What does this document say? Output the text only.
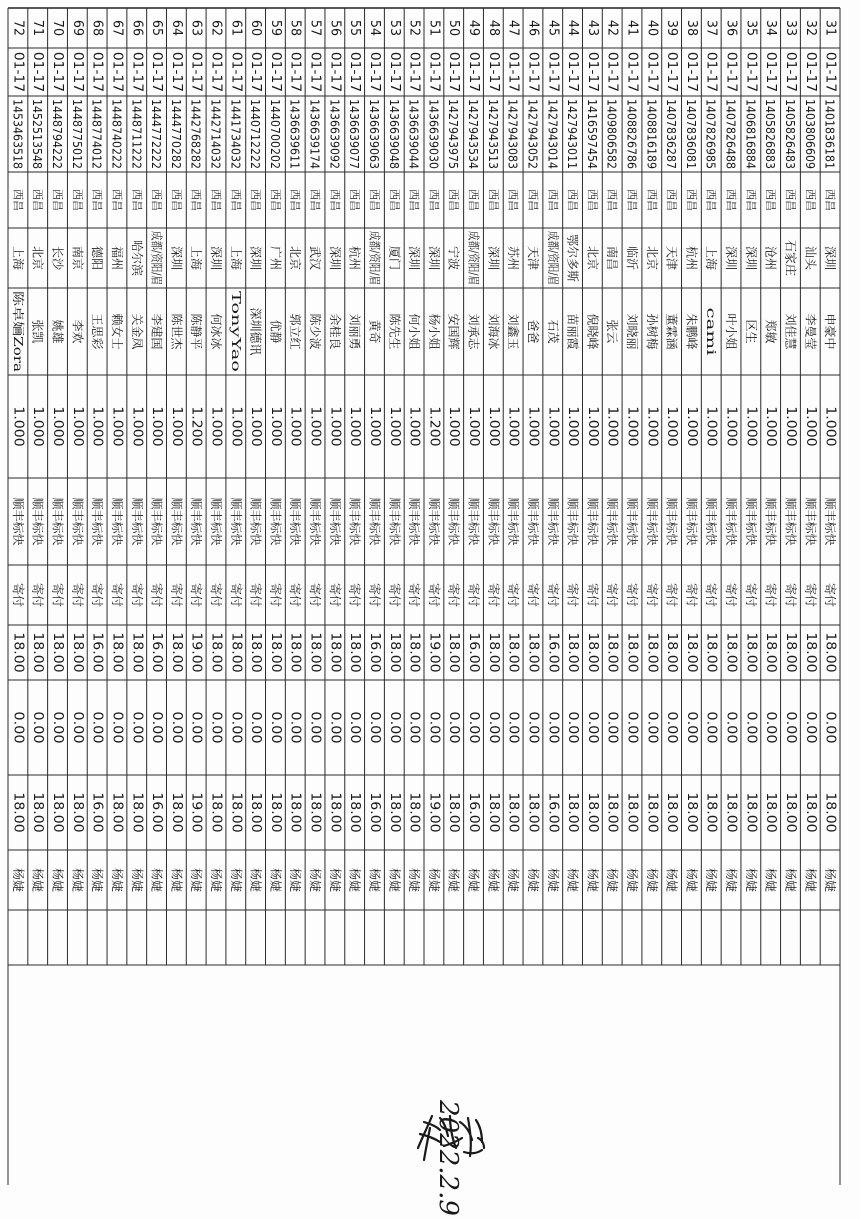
31
01-17
1401836181
西昌
深圳
申豪中
1.000
顺丰标快
寄付
18.00
0.00
18.00
杨婕
32
01-17
1403806609
西昌
汕头
李曼莹
1.000
顺丰标快
寄付
18.00
0.00
18.00
杨婕
33
01-17
1405826483
西昌
石家庄
刘佳慧
1.000
顺丰标快
寄付
18.00
0.00
18.00
杨婕
34
01-17
1405826883
西昌
沧州
郑敏
1.000
顺丰标快
寄付
18.00
0.00
18.00
杨婕
35
01-17
1406816884
西昌
深圳
区生
1.000
顺丰标快
寄付
18.00
0.00
18.00
杨婕
36
01-17
1407826488
西昌
深圳
叶小姐
1.000
顺丰标快
寄付
18.00
0.00
18.00
杨婕
37
01-17
1407826985
西昌
上海
cami
1.000
顺丰标快
寄付
18.00
0.00
18.00
杨婕
38
01-17
1407836081
西昌
杭州
朱鹏峰
1.000
顺丰标快
寄付
18.00
0.00
18.00
杨婕
39
01-17
1407836287
西昌
天津
董霖涵
1.000
顺丰标快
寄付
18.00
0.00
18.00
杨婕
40
01-17
1408816189
西昌
北京
孙树梅
1.000
顺丰标快
寄付
18.00
0.00
18.00
杨婕
41
01-17
1408826786
西昌
临沂
刘晓丽
1.000
顺丰标快
寄付
18.00
0.00
18.00
杨婕
42
01-17
1409806582
西昌
南昌
张云
1.000
顺丰标快
寄付
18.00
0.00
18.00
杨婕
43
01-17
1416597454
西昌
北京
倪晓峰
1.000
顺丰标快
寄付
18.00
0.00
18.00
杨婕
44
01-17
1427943011
西昌
鄂尔多斯
苗丽霞
1.000
顺丰标快
寄付
18.00
0.00
18.00
杨婕
45
01-17
1427943014
西昌
成都/资阳/眉
石茂
1.000
顺丰标快
寄付
16.00
0.00
16.00
杨婕
46
01-17
1427943052
西昌
天津
爸爸
1.000
顺丰标快
寄付
18.00
0.00
18.00
杨婕
47
01-17
1427943083
西昌
苏州
刘鑫玉
1.000
顺丰标快
寄付
18.00
0.00
18.00
杨婕
48
01-17
1427943513
西昌
深圳
刘海冰
1.000
顺丰标快
寄付
18.00
0.00
18.00
杨婕
49
01-17
1427943534
西昌
成都/资阳/眉
刘承志
1.000
顺丰标快
寄付
16.00
0.00
16.00
杨婕
50
01-17
1427943975
西昌
宁波
安国辉
1.000
顺丰标快
寄付
18.00
0.00
18.00
杨婕
51
01-17
1436639030
西昌
深圳
杨小姐
1.200
顺丰标快
寄付
19.00
0.00
19.00
杨婕
52
01-17
1436639044
西昌
深圳
何小姐
1.000
顺丰标快
寄付
18.00
0.00
18.00
杨婕
53
01-17
1436639048
西昌
厦门
陈先生
1.000
顺丰标快
寄付
18.00
0.00
18.00
杨婕
54
01-17
1436639063
西昌
成都/资阳/眉
黄奇
1.000
顺丰标快
寄付
16.00
0.00
16.00
杨婕
55
01-17
1436639077
西昌
杭州
刘丽勇
1.000
顺丰标快
寄付
18.00
0.00
18.00
杨婕
56
01-17
1436639092
西昌
深圳
余桂良
1.000
顺丰标快
寄付
18.00
0.00
18.00
杨婕
57
01-17
1436639174
西昌
武汉
陈少波
1.000
顺丰标快
寄付
18.00
0.00
18.00
杨婕
58
01-17
1436639611
西昌
北京
郭立红
1.000
顺丰标快
寄付
18.00
0.00
18.00
杨婕
59
01-17
1440700202
西昌
广州
优静
1.000
顺丰标快
寄付
18.00
0.00
18.00
杨婕
60
01-17
1440712222
西昌
深圳
深圳德讯
1.000
顺丰标快
寄付
18.00
0.00
18.00
杨婕
61
01-17
1441734032
西昌
上海
TonyYao
1.000
顺丰标快
寄付
18.00
0.00
18.00
杨婕
62
01-17
1442714032
西昌
深圳
何冰冰
1.000
顺丰标快
寄付
18.00
0.00
18.00
杨婕
63
01-17
1442768282
西昌
上海
陈静平
1.200
顺丰标快
寄付
19.00
0.00
19.00
杨婕
64
01-17
1444770282
西昌
深圳
陈世杰
1.000
顺丰标快
寄付
18.00
0.00
18.00
杨婕
65
01-17
1444772222
西昌
成都/资阳/眉
李建国
1.000
顺丰标快
寄付
16.00
0.00
16.00
杨婕
66
01-17
1448711222
西昌
哈尔滨
关金凤
1.000
顺丰标快
寄付
18.00
0.00
18.00
杨婕
67
01-17
1448740222
西昌
福州
赖女士
1.000
顺丰标快
寄付
18.00
0.00
18.00
杨婕
68
01-17
1448774012
西昌
德阳
王思彩
1.000
顺丰标快
寄付
16.00
0.00
16.00
杨婕
69
01-17
1448775012
西昌
南京
李欢
1.000
顺丰标快
寄付
18.00
0.00
18.00
杨婕
70
01-17
1448794222
西昌
长沙
姚雄
1.000
顺丰标快
寄付
18.00
0.00
18.00
杨婕
71
01-17
1452513548
西昌
北京
张凯
1.000
顺丰标快
寄付
18.00
0.00
18.00
杨婕
72
01-17
1453463518
西昌
上海
陈卓婳Zora
1.000
顺丰标快
寄付
18.00
0.00
18.00
杨婕
2022.2.9
